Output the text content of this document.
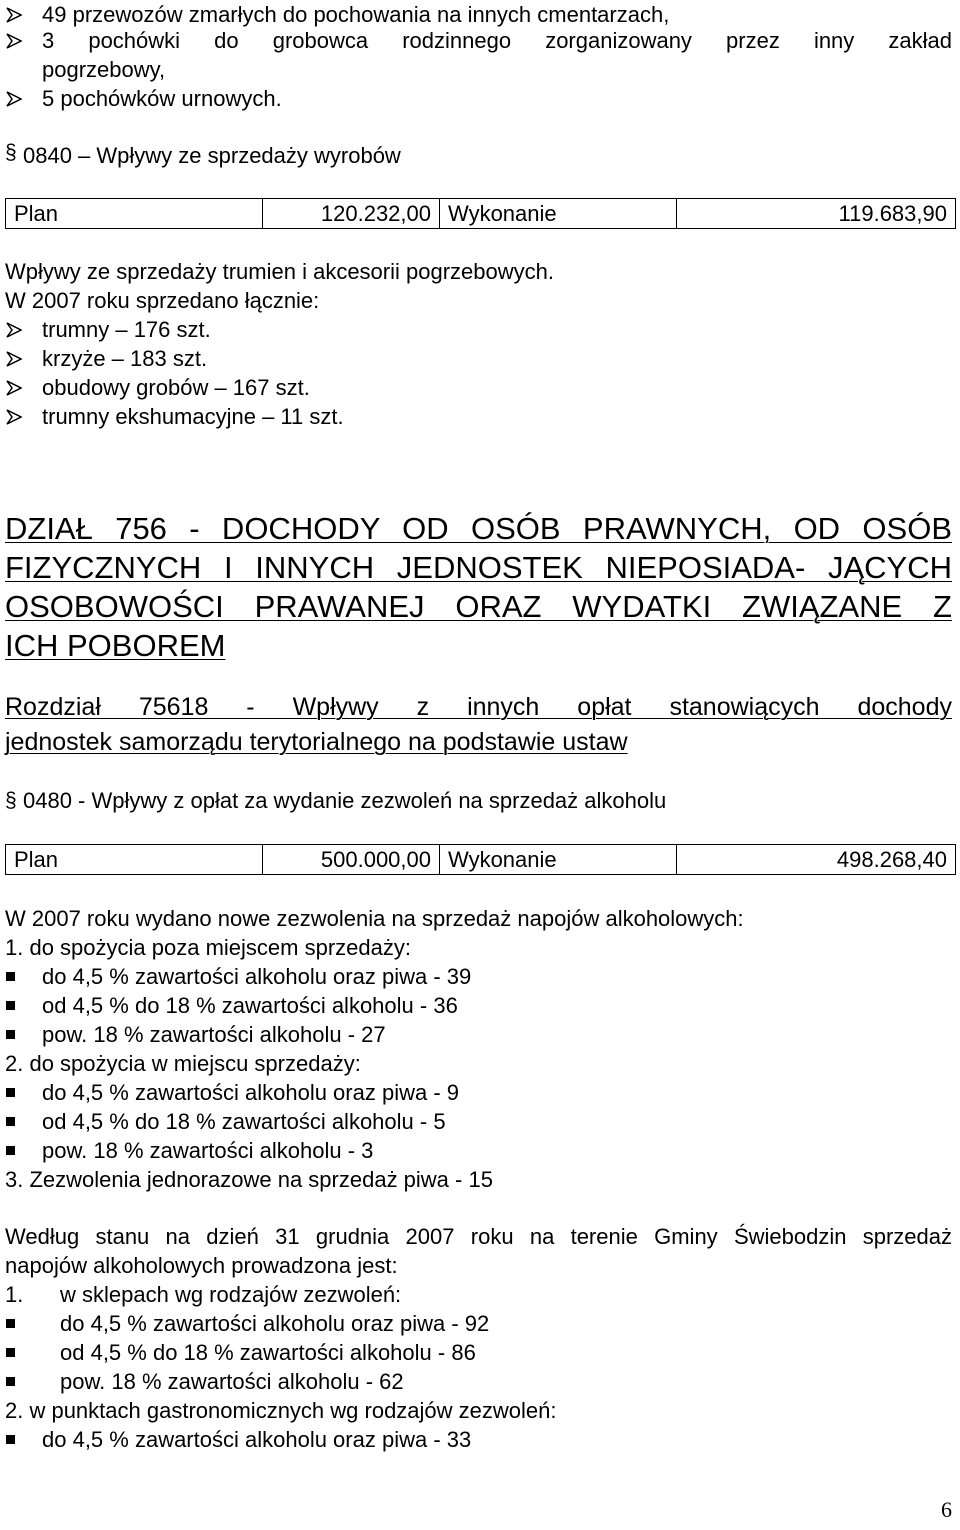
49 przewozów zmarłych do pochowania na innych cmentarzach,
3 pochówki do grobowca rodzinnego zorganizowany przez inny zakład
pogrzebowy,
5 pochówków urnowych.
§ 0840 – Wpływy ze sprzedaży wyrobów
Plan	120.232,00	Wykonanie	119.683,90
Wpływy ze sprzedaży trumien i akcesorii pogrzebowych.
W 2007 roku sprzedano łącznie:
trumny – 176 szt.
krzyże – 183 szt.
obudowy grobów – 167 szt.
trumny ekshumacyjne – 11 szt.
DZIAŁ 756 - DOCHODY OD OSÓB PRAWNYCH, OD OSÓB
FIZYCZNYCH I INNYCH JEDNOSTEK NIEPOSIADA- JĄCYCH
OSOBOWOŚCI PRAWANEJ ORAZ WYDATKI ZWIĄZANE Z
ICH POBOREM
Rozdział 75618 - Wpływy z innych opłat stanowiących dochody
jednostek samorządu terytorialnego na podstawie ustaw
§ 0480 - Wpływy z opłat za wydanie zezwoleń na sprzedaż alkoholu
Plan	500.000,00	Wykonanie	498.268,40
W 2007 roku wydano nowe zezwolenia na sprzedaż napojów alkoholowych:
1. do spożycia poza miejscem sprzedaży:
do 4,5 % zawartości alkoholu oraz piwa - 39
od 4,5 % do 18 % zawartości alkoholu - 36
pow. 18 % zawartości alkoholu - 27
2. do spożycia w miejscu sprzedaży:
do 4,5 % zawartości alkoholu oraz piwa - 9
od 4,5 % do 18 % zawartości alkoholu - 5
pow. 18 % zawartości alkoholu - 3
3. Zezwolenia jednorazowe na sprzedaż piwa - 15
Według stanu na dzień 31 grudnia 2007 roku na terenie Gminy Świebodzin sprzedaż
napojów alkoholowych prowadzona jest:
1. w sklepach wg rodzajów zezwoleń:
do 4,5 % zawartości alkoholu oraz piwa - 92
od 4,5 % do 18 % zawartości alkoholu - 86
pow. 18 % zawartości alkoholu - 62
2. w punktach gastronomicznych wg rodzajów zezwoleń:
do 4,5 % zawartości alkoholu oraz piwa - 33
6
